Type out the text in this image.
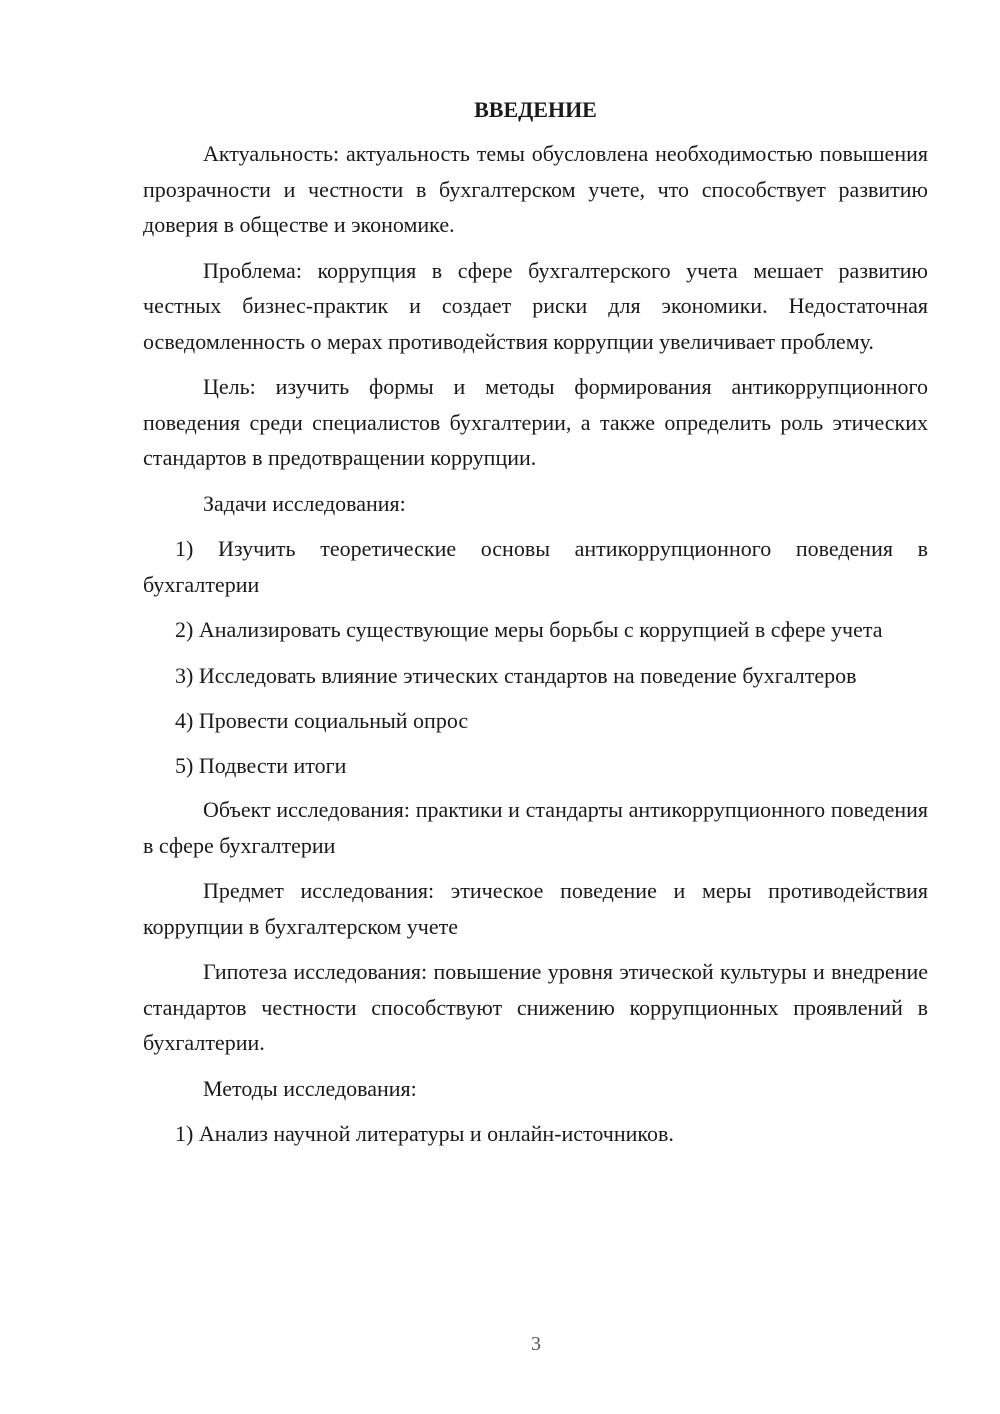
ВВЕДЕНИЕ

Актуальность: актуальность темы обусловлена необходимостью повышения прозрачности и честности в бухгалтерском учете, что способствует развитию доверия в обществе и экономике.

Проблема: коррупция в сфере бухгалтерского учета мешает развитию честных бизнес-практик и создает риски для экономики. Недостаточная осведомленность о мерах противодействия коррупции увеличивает проблему.

Цель: изучить формы и методы формирования антикоррупционного поведения среди специалистов бухгалтерии, а также определить роль этических стандартов в предотвращении коррупции.

Задачи исследования:

1) Изучить теоретические основы антикоррупционного поведения в бухгалтерии

2) Анализировать существующие меры борьбы с коррупцией в сфере учета

3) Исследовать влияние этических стандартов на поведение бухгалтеров

4) Провести социальный опрос

5) Подвести итоги

Объект исследования: практики и стандарты антикоррупционного поведения в сфере бухгалтерии

Предмет исследования: этическое поведение и меры противодействия коррупции в бухгалтерском учете

Гипотеза исследования: повышение уровня этической культуры и внедрение стандартов честности способствуют снижению коррупционных проявлений в бухгалтерии.

Методы исследования:

1) Анализ научной литературы и онлайн-источников.

3
